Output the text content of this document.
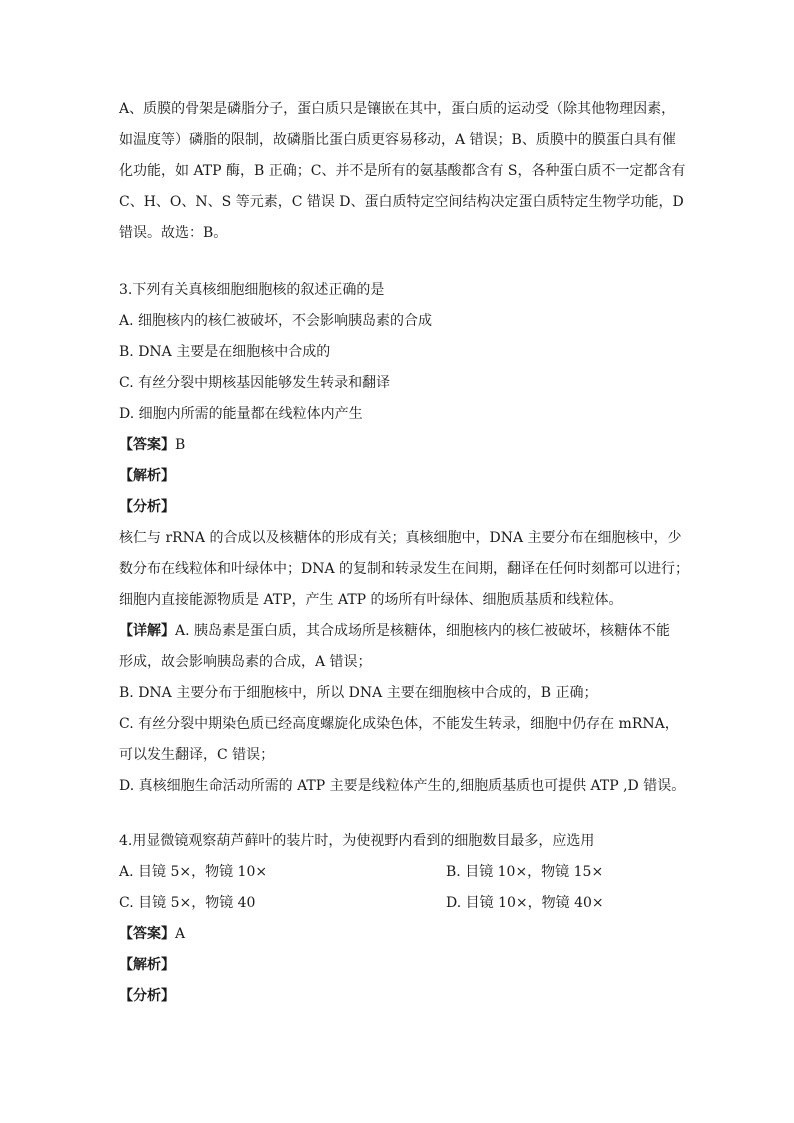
A、质膜的骨架是磷脂分子，蛋白质只是镶嵌在其中，蛋白质的运动受（除其他物理因素，
如温度等）磷脂的限制，故磷脂比蛋白质更容易移动，A 错误；B、质膜中的膜蛋白具有催
化功能，如 ATP 酶，B 正确；C、并不是所有的氨基酸都含有 S，各种蛋白质不一定都含有
C、H、O、N、S 等元素，C 错误 D、蛋白质特定空间结构决定蛋白质特定生物学功能，D
错误。故选：B。
3.下列有关真核细胞细胞核的叙述正确的是
A. 细胞核内的核仁被破坏，不会影响胰岛素的合成
B. DNA 主要是在细胞核中合成的
C. 有丝分裂中期核基因能够发生转录和翻译
D. 细胞内所需的能量都在线粒体内产生
【答案】B
【解析】
【分析】
核仁与 rRNA 的合成以及核糖体的形成有关；真核细胞中，DNA 主要分布在细胞核中，少
数分布在线粒体和叶绿体中；DNA 的复制和转录发生在间期，翻译在任何时刻都可以进行；
细胞内直接能源物质是 ATP，产生 ATP 的场所有叶绿体、细胞质基质和线粒体。
【详解】A. 胰岛素是蛋白质，其合成场所是核糖体，细胞核内的核仁被破坏，核糖体不能
形成，故会影响胰岛素的合成，A 错误；
B. DNA 主要分布于细胞核中，所以 DNA 主要在细胞核中合成的，B 正确；
C. 有丝分裂中期染色质已经高度螺旋化成染色体，不能发生转录，细胞中仍存在 mRNA，
可以发生翻译，C 错误；
D. 真核细胞生命活动所需的 ATP 主要是线粒体产生的,细胞质基质也可提供 ATP ,D 错误。
4.用显微镜观察葫芦藓叶的装片时，为使视野内看到的细胞数目最多，应选用
A. 目镜 5×，物镜 10×	B. 目镜 10×，物镜 15×
C. 目镜 5×，物镜 40	D. 目镜 10×，物镜 40×
【答案】A
【解析】
【分析】
